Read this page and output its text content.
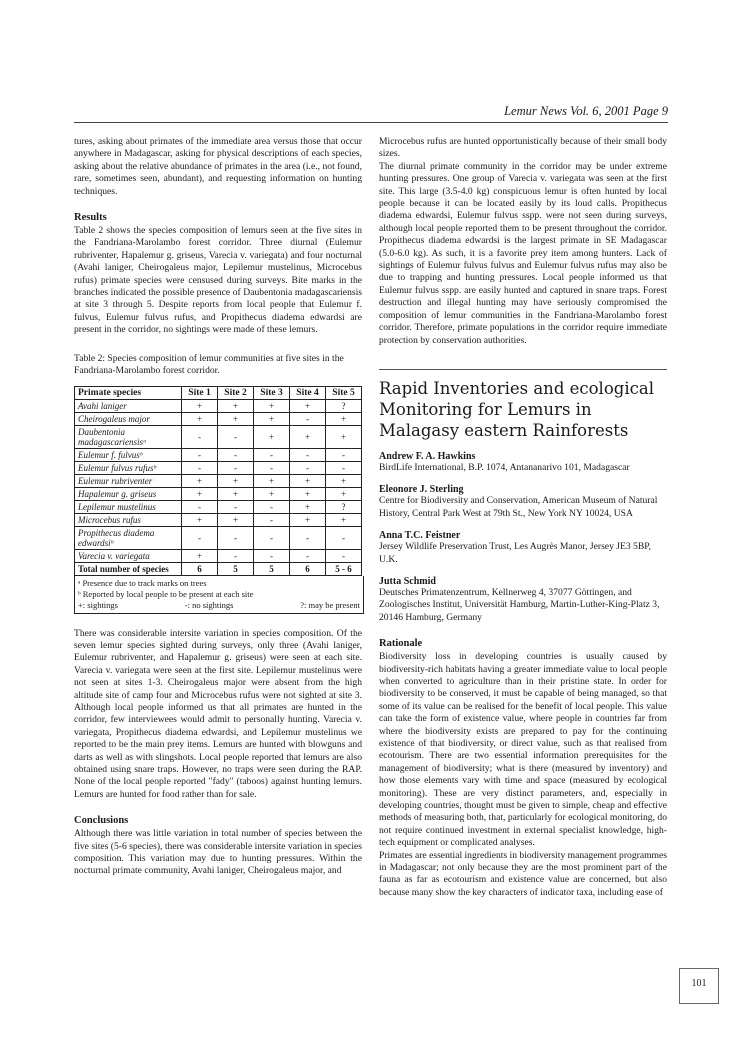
Lemur News Vol. 6, 2001 Page 9

tures, asking about primates of the immediate area versus those that occur anywhere in Madagascar, asking for physical descriptions of each species, asking about the relative abundance of primates in the area (i.e., not found, rare, sometimes seen, abundant), and requesting information on hunting techniques.

Results

Table 2 shows the species composition of lemurs seen at the five sites in the Fandriana-Marolambo forest corridor. Three diurnal (Eulemur rubriventer, Hapalemur g. griseus, Varecia v. variegata) and four nocturnal (Avahi laniger, Cheirogaleus major, Lepilemur mustelinus, Microcebus rufus) primate species were censused during surveys. Bite marks in the branches indicated the possible presence of Daubentonia madagascariensis at site 3 through 5. Despite reports from local people that Eulemur f. fulvus, Eulemur fulvus rufus, and Propithecus diadema edwardsi are present in the corridor, no sightings were made of these lemurs.

Table 2: Species composition of lemur communities at five sites in the Fandriana-Marolambo forest corridor.
Primate species	Site 1	Site 2	Site 3	Site 4	Site 5
Avahi laniger	+	+	+	+	?
Cheirogaleus major	+	+	+	-	+
Daubentonia madagascariensisᵃ	-	-	+	+	+
Eulemur f. fulvusᵇ	-	-	-	-	-
Eulemur fulvus rufusᵇ	-	-	-	-	-
Eulemur rubriventer	+	+	+	+	+
Hapalemur g. griseus	+	+	+	+	+
Lepilemur mustelinus	-	-	-	+	?
Microcebus rufus	+	+	-	+	+
Propithecus diadema edwardsiᵇ	-	-	-	-	-
Varecia v. variegata	+	-	-	-	-
Total number of species	6	5	5	6	5 - 6
ᵃ Presence due to track marks on trees
ᵇ Reported by local people to be present at each site
+: sightings	-: no sightings	?: may be present

There was considerable intersite variation in species composition. Of the seven lemur species sighted during surveys, only three (Avahi laniger, Eulemur rubriventer, and Hapalemur g. griseus) were seen at each site. Varecia v. variegata were seen at the first site. Lepilemur mustelinus were not seen at sites 1-3. Cheirogaleus major were absent from the high altitude site of camp four and Microcebus rufus were not sighted at site 3. Although local people informed us that all primates are hunted in the corridor, few interviewees would admit to personally hunting. Varecia v. variegata, Propithecus diadema edwardsi, and Lepilemur mustelinus we reported to be the main prey items. Lemurs are hunted with blowguns and darts as well as with slingshots. Local people reported that lemurs are also obtained using snare traps. However, no traps were seen during the RAP. None of the local people reported "fady" (taboos) against hunting lemurs. Lemurs are hunted for food rather than for sale.

Conclusions

Although there was little variation in total number of species between the five sites (5-6 species), there was considerable intersite variation in species composition. This variation may due to hunting pressures. Within the nocturnal primate community, Avahi laniger, Cheirogaleus major, and

Microcebus rufus are hunted opportunistically because of their small body sizes.

The diurnal primate community in the corridor may be under extreme hunting pressures. One group of Varecia v. variegata was seen at the first site. This large (3.5-4.0 kg) conspicuous lemur is often hunted by local people because it can be located easily by its loud calls. Propithecus diadema edwardsi, Eulemur fulvus sspp. were not seen during surveys, although local people reported them to be present throughout the corridor. Propithecus diadema edwardsi is the largest primate in SE Madagascar (5.0-6.0 kg). As such, it is a favorite prey item among hunters. Lack of sightings of Eulemur fulvus fulvus and Eulemur fulvus rufus may also be due to trapping and hunting pressures. Local people informed us that Eulemur fulvus sspp. are easily hunted and captured in snare traps. Forest destruction and illegal hunting may have seriously compromised the composition of lemur communities in the Fandriana-Marolambo forest corridor. Therefore, primate populations in the corridor require immediate protection by conservation authorities.

Rapid Inventories and ecological Monitoring for Lemurs in Malagasy eastern Rainforests
Andrew F. A. Hawkins
BirdLife International, B.P. 1074, Antananarivo 101, Madagascar
Eleonore J. Sterling
Centre for Biodiversity and Conservation, American Museum of Natural History, Central Park West at 79th St., New York NY 10024, USA
Anna T.C. Feistner
Jersey Wildlife Preservation Trust, Les Augrès Manor, Jersey JE3 5BP, U.K.
Jutta Schmid
Deutsches Primatenzentrum, Kellnerweg 4, 37077 Göttingen, and Zoologisches Institut, Universität Hamburg, Martin-Luther-King-Platz 3, 20146 Hamburg, Germany
Rationale

Biodiversity loss in developing countries is usually caused by biodiversity-rich habitats having a greater immediate value to local people when converted to agriculture than in their pristine state. In order for biodiversity to be conserved, it must be capable of being managed, so that some of its value can be realised for the benefit of local people. This value can take the form of existence value, where people in countries far from where the biodiversity exists are prepared to pay for the continuing existence of that biodiversity, or direct value, such as that realised from ecotourism. There are two essential information prerequisites for the management of biodiversity; what is there (measured by inventory) and how those elements vary with time and space (measured by ecological monitoring). These are very distinct parameters, and, especially in developing countries, thought must be given to simple, cheap and effective methods of measuring both, that, particularly for ecological monitoring, do not require continued investment in external specialist knowledge, high-tech equipment or complicated analyses.

Primates are essential ingredients in biodiversity management programmes in Madagascar; not only because they are the most prominent part of the fauna as far as ecotourism and existence value are concerned, but also because many show the key characters of indicator taxa, including ease of

101
